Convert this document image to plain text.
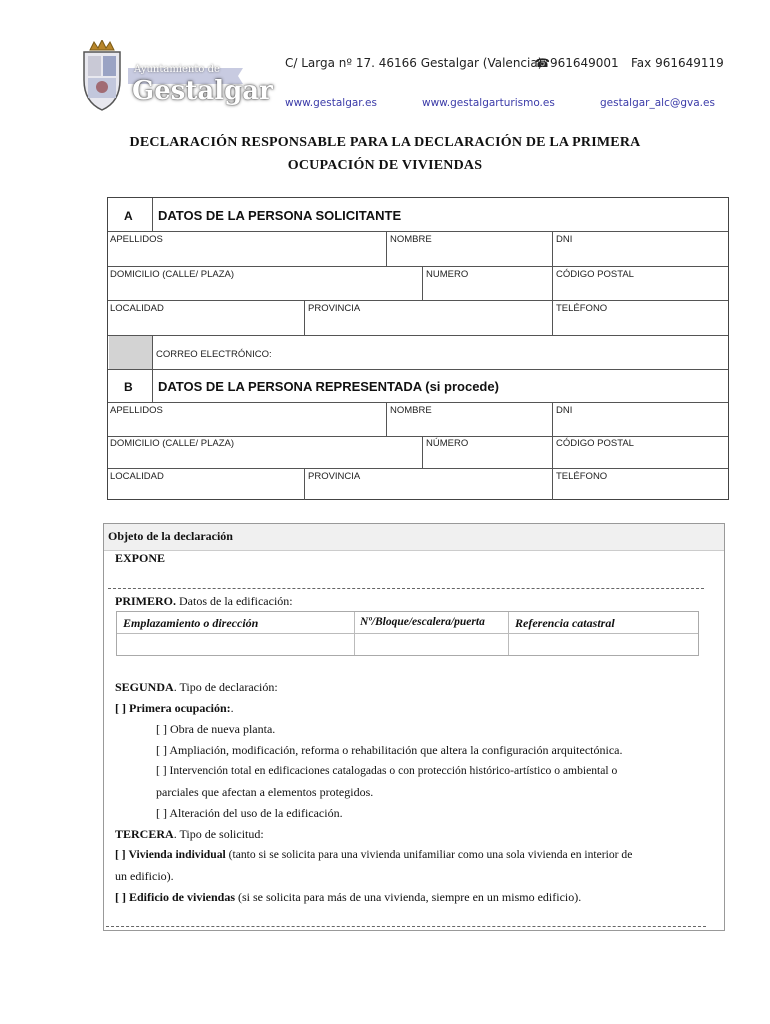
Ayuntamiento de
Gestalgar
C/ Larga nº 17. 46166 Gestalgar (Valencia)
☎961649001 Fax 961649119
www.gestalgar.es	www.gestalgarturismo.es	gestalgar_alc@gva.es
DECLARACIÓN RESPONSABLE PARA LA DECLARACIÓN DE LA PRIMERA
OCUPACIÓN DE VIVIENDAS
A DATOS DE LA PERSONA SOLICITANTE
APELLIDOS	NOMBRE	DNI
DOMICILIO (CALLE/ PLAZA)	NUMERO	CÓDIGO POSTAL
LOCALIDAD	PROVINCIA	TELÉFONO
CORREO ELECTRÓNICO:
B DATOS DE LA PERSONA REPRESENTADA (si procede)
APELLIDOS	NOMBRE	DNI
DOMICILIO (CALLE/ PLAZA)	NÚMERO	CÓDIGO POSTAL
LOCALIDAD	PROVINCIA	TELÉFONO
Objeto de la declaración
EXPONE
PRIMERO. Datos de la edificación:
Emplazamiento o dirección	Nº/Bloque/escalera/puerta	Referencia catastral
SEGUNDA. Tipo de declaración:
[ ] Primera ocupación:.
[ ] Obra de nueva planta.
[ ] Ampliación, modificación, reforma o rehabilitación que altera la configuración arquitectónica.
[ ] Intervención total en edificaciones catalogadas o con protección histórico-artístico o ambiental o
parciales que afectan a elementos protegidos.
[ ] Alteración del uso de la edificación.
TERCERA. Tipo de solicitud:
[ ] Vivienda individual (tanto si se solicita para una vivienda unifamiliar como una sola vivienda en interior de
un edificio).
[ ] Edificio de viviendas (si se solicita para más de una vivienda, siempre en un mismo edificio).
